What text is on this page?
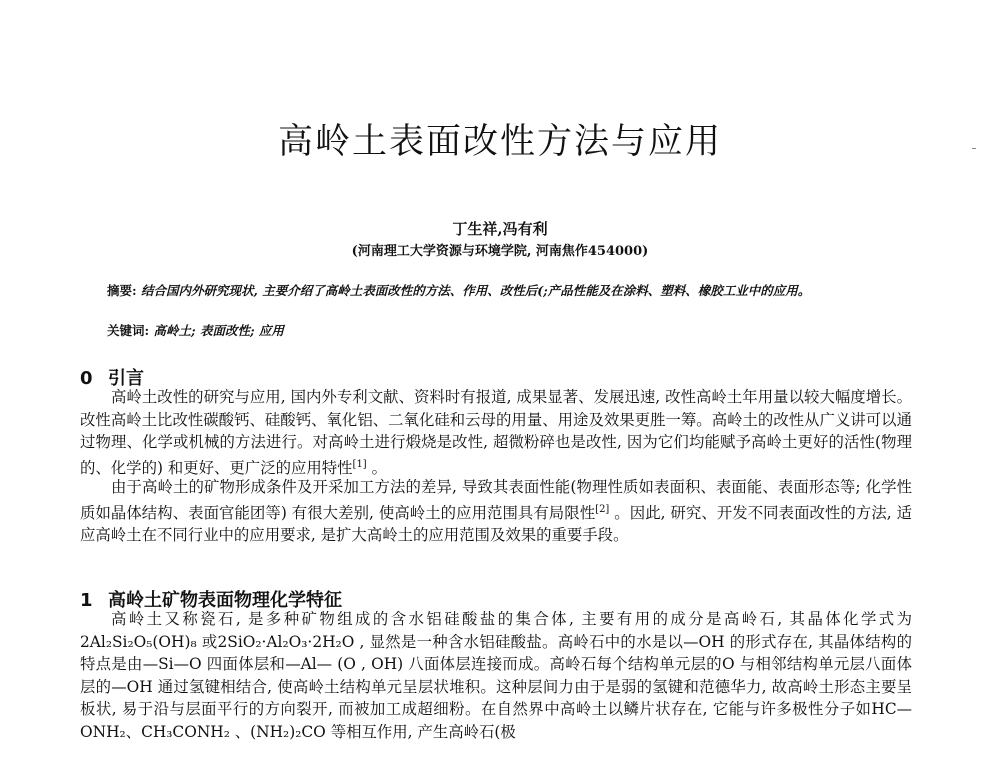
高岭土表面改性方法与应用
丁生祥,冯有利
(河南理工大学资源与环境学院, 河南焦作454000)
摘要: 结合国内外研究现状, 主要介绍了高岭土表面改性的方法、作用、改性后(;产品性能及在涂料、塑料、橡胶工业中的应用。
关键词: 高岭土; 表面改性; 应用
0 引言

高岭土改性的研究与应用, 国内外专利文献、资料时有报道, 成果显著、发展迅速, 改性高岭土年用量以较大幅度增长。改性高岭土比改性碳酸钙、硅酸钙、氧化铝、二氧化硅和云母的用量、用途及效果更胜一筹。高岭土的改性从广义讲可以通过物理、化学或机械的方法进行。对高岭土进行煅烧是改性, 超微粉碎也是改性, 因为它们均能赋予高岭土更好的活性(物理的、化学的) 和更好、更广泛的应用特性[1] 。

由于高岭土的矿物形成条件及开采加工方法的差异, 导致其表面性能(物理性质如表面积、表面能、表面形态等; 化学性质如晶体结构、表面官能团等) 有很大差别, 使高岭土的应用范围具有局限性[2] 。因此, 研究、开发不同表面改性的方法, 适应高岭土在不同行业中的应用要求, 是扩大高岭土的应用范围及效果的重要手段。

1 高岭土矿物表面物理化学特征

高岭土又称瓷石, 是多种矿物组成的含水铝硅酸盐的集合体, 主要有用的成分是高岭石, 其晶体化学式为2Al₂Si₂O₅(OH)₈ 或2SiO₂·Al₂O₃·2H₂O , 显然是一种含水铝硅酸盐。高岭石中的水是以—OH 的形式存在, 其晶体结构的特点是由—Si—O 四面体层和—Al— (O , OH) 八面体层连接而成。高岭石每个结构单元层的O 与相邻结构单元层八面体层的—OH 通过氢键相结合, 使高岭土结构单元呈层状堆积。这种层间力由于是弱的氢键和范德华力, 故高岭土形态主要呈板状, 易于沿与层面平行的方向裂开, 而被加工成超细粉。在自然界中高岭土以鳞片状存在, 它能与许多极性分子如HC—ONH₂、CH₃CONH₂ 、(NH₂)₂CO 等相互作用, 产生高岭石(极
